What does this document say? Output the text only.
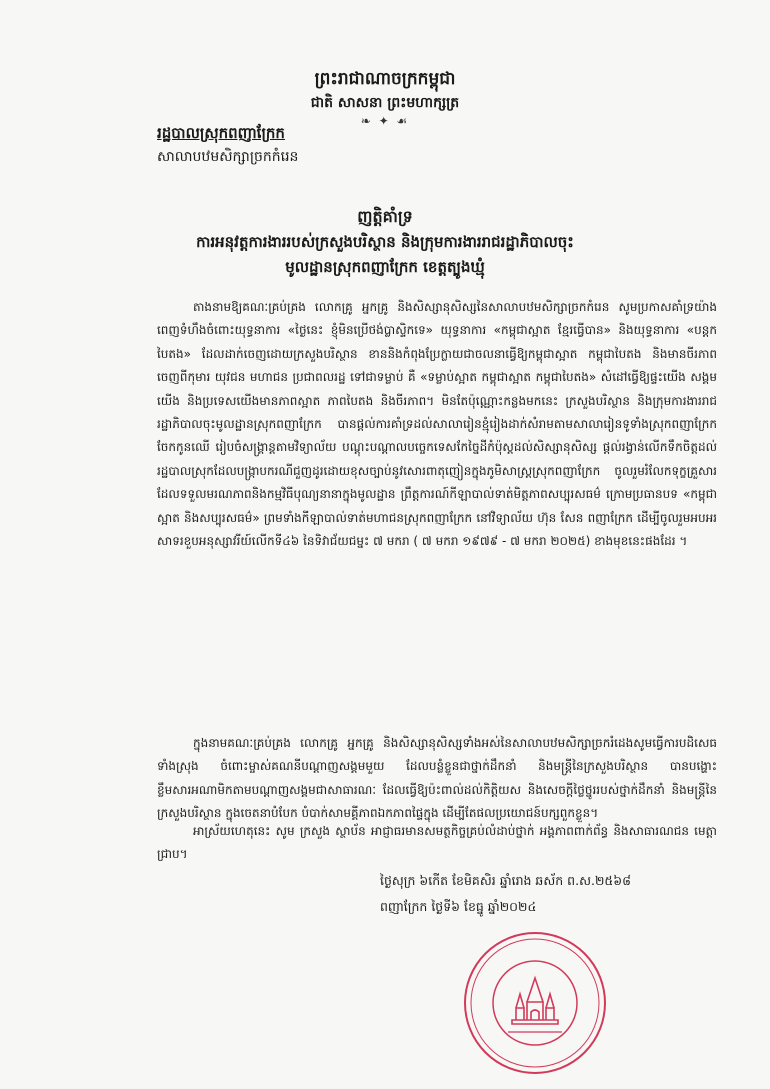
ព្រះរាជាណាចក្រកម្ពុជា
ជាតិ សាសនា ព្រះមហាក្សត្រ
❧ ✦ ☙
រដ្ឋបាលស្រុកពញាក្រែក
សាលាបឋមសិក្សាច្រកកំរេន
ញត្តិគាំទ្រ
ការអនុវត្តការងាររបស់ក្រសួងបរិស្ថាន និងក្រុមការងាររាជរដ្ឋាភិបាលចុះ
មូលដ្ឋានស្រុកពញាក្រែក ខេត្តត្បូងឃ្មុំ

តាងនាមឱ្យគណៈគ្រប់គ្រង លោកគ្រូ អ្នកគ្រូ និងសិស្សានុសិស្សនៃសាលាបឋមសិក្សាច្រកកំរេន សូមប្រកាសគាំទ្រយ៉ាងពេញទំហឹងចំពោះយុទ្ធនាការ «ថ្ងៃនេះ ខ្ញុំមិនប្រើថង់ប្លាស្ទិកទេ» យុទ្ធនាការ «កម្ពុជាស្អាត ខ្មែរធ្វើបាន» និងយុទ្ធនាការ «បន្តកបៃតង» ដែលដាក់ចេញដោយក្រសួងបរិស្ថាន ខាននិងកំពុងប្រែក្លាយជាចលនាធ្វើឱ្យកម្ពុជាស្អាត កម្ពុជាបៃតង និងមានចីរភាព ចេញពីកុមារ យុវជន មហាជន ប្រជាពលរដ្ឋ ទៅជាទម្លាប់ គឺ «ទម្លាប់ស្អាត កម្ពុជាស្អាត កម្ពុជាបៃតង» សំដៅធ្វើឱ្យផ្ទះយើង សង្គមយើង និងប្រទេសយើងមានភាពស្អាត ភាពបៃតង និងចីរភាព។ មិនតែប៉ុណ្ណោះកន្លងមកនេះ ក្រសួងបរិស្ថាន និងក្រុមការងាររាជរដ្ឋាភិបាលចុះមូលដ្ឋានស្រុកពញាក្រែក បានផ្ដល់ការគាំទ្រដល់សាលារៀនខ្មុំរៀងដាក់សំរាមតាមសាលារៀនទូទាំងស្រុកពញាក្រែក ចែកកូនឈើ រៀបចំសង្គ្រាន្តតាមវិទ្យាល័យ បណ្ដុះបណ្ដាលបច្ចេកទេសកែច្នៃដីកំប៉ុស្ដដល់សិស្សានុសិស្ស ផ្ដល់រង្វាន់លើកទឹកចិត្តដល់រដ្ឋបាលស្រុកដែលបង្ក្រាបករណីជួញដូរដោយខុសច្បាប់នូវសោរពាតុញៀនក្នុងភូមិសាស្ត្រស្រុកពញាក្រែក ចូលរួមរំលែកទុក្ខគ្រួសារដែលទទួលមរណភាពនិងកម្មវិធីបុណ្យនានាក្នុងមូលដ្ឋាន ព្រឹត្តការណ៍កីឡាបាល់ទាត់មិត្តភាពសប្បុរសធម៌ ក្រោមប្រធានបទ «កម្ពុជាស្អាត និងសប្បុរសធម៌» ព្រមទាំងកីឡាបាល់ទាត់មហាជនស្រុកពញាក្រែក នៅវិទ្យាល័យ ហ៊ុន សែន ពញាក្រែក ដើម្បីចូលរួមអបអរសាទរខួបអនុស្សាវរីយ៍លើកទី៤៦ នៃទិវាជ័យជម្នះ ៧ មករា ( ៧ មករា ១៩៧៩ - ៧ មករា ២០២៥) ខាងមុខនេះផងដែរ ។

ក្នុងនាមគណៈគ្រប់គ្រង លោកគ្រូ អ្នកគ្រូ និងសិស្សានុសិស្សទាំងអស់នៃសាលាបឋមសិក្សាច្រករំដេងសូមធ្វើការបដិសេធទាំងស្រុង ចំពោះម្ចាស់គណនីបណ្ដាញសង្គមមួយ ដែលបន្លំខ្លួនជាថ្នាក់ដឹកនាំ និងមន្ត្រីនៃក្រសួងបរិស្ថាន បានបង្ហោះខ្លឹមសារអណាមិកតាមបណ្ដាញសង្គមជាសាធារណៈ ដែលធ្វើឱ្យប៉ះពាល់ដល់កិត្តិយស និងសេចក្តីថ្លៃថ្នូររបស់ថ្នាក់ដឹកនាំ និងមន្ត្រីនៃក្រសួងបរិស្ថាន ក្នុងចេតនាបំបែក បំបាក់សាមគ្គីភាពឯកភាពផ្ទៃក្នុង ដើម្បីតែផលប្រយោជន៍បក្សពួកខ្លួន។

អាស្រ័យហេតុនេះ សូម ក្រសួង ស្ថាប័ន អាជ្ញាធរមានសមត្ថកិច្ចគ្រប់លំដាប់ថ្នាក់ អង្គភាពពាក់ព័ន្ធ និងសាធារណជន មេត្តាជ្រាប។

ថ្ងៃសុក្រ ៦កើត ខែមិគសិរ ឆ្នាំរោង ឆស័ក ព.ស.២៥៦៨
ពញាក្រែក ថ្ងៃទី៦ ខែធ្នូ ឆ្នាំ២០២៤
